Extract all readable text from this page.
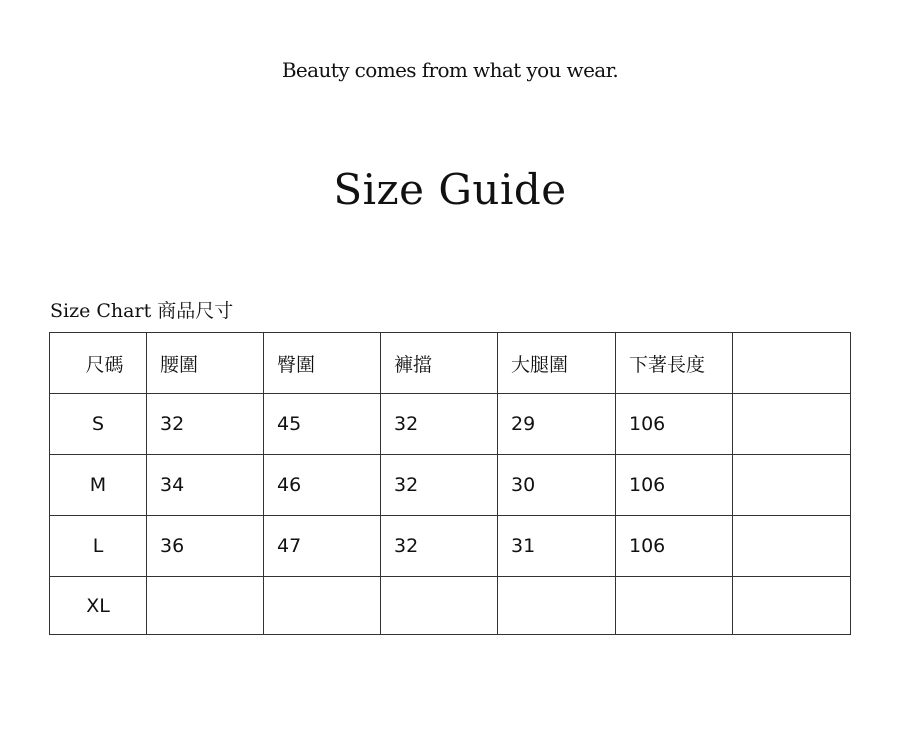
Beauty comes from what you wear.
Size Guide
Size Chart 商品尺寸
尺碼	腰圍	臀圍	褲擋	大腿圍	下著長度	
S	32	45	32	29	106	
M	34	46	32	30	106	
L	36	47	32	31	106	
XL						
